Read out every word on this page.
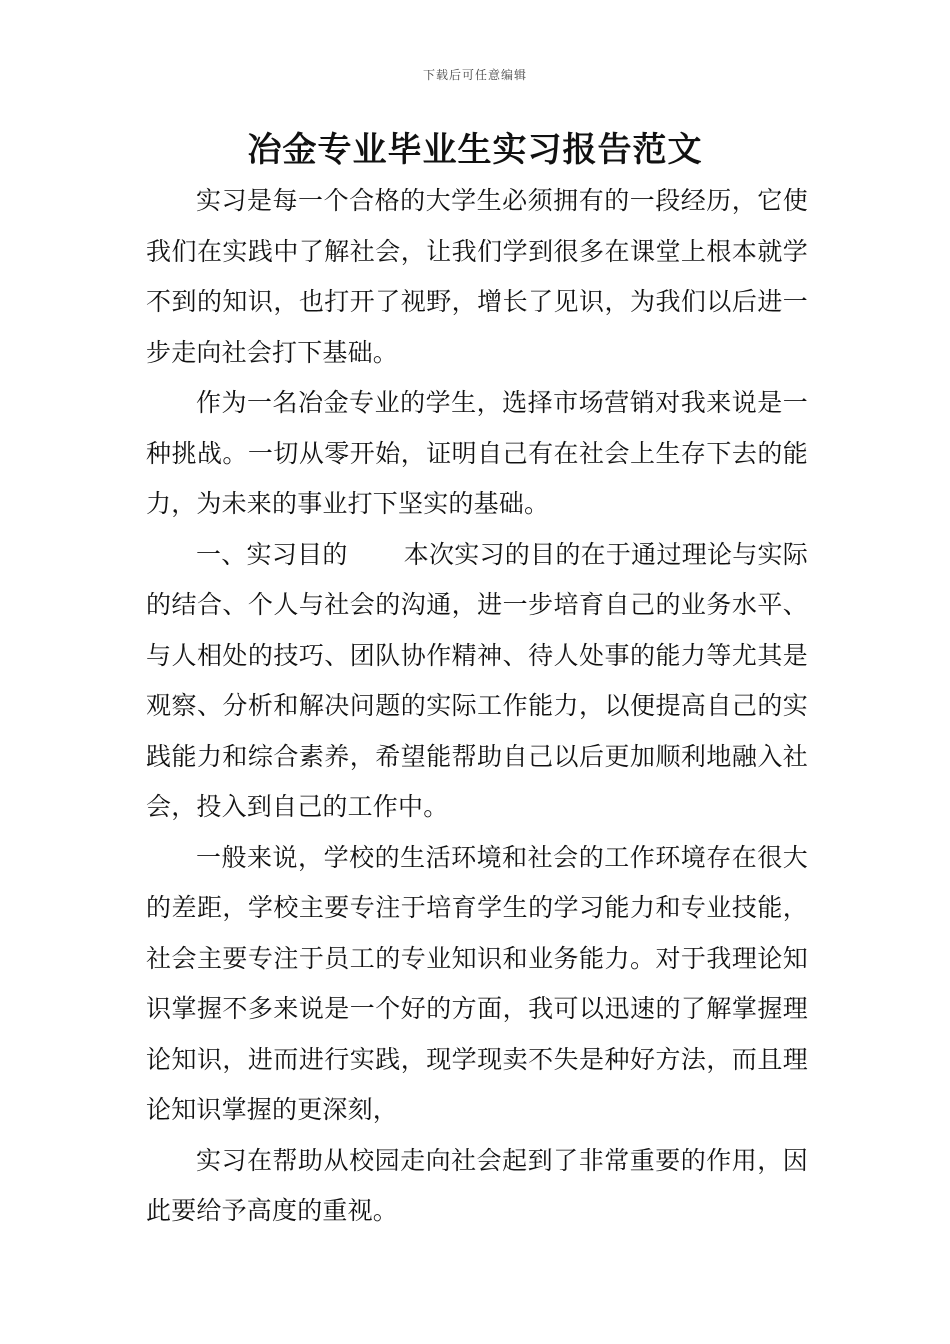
下载后可任意编辑
冶金专业毕业生实习报告范文

实习是每一个合格的大学生必须拥有的一段经历，它使我们在实践中了解社会，让我们学到很多在课堂上根本就学不到的知识，也打开了视野，增长了见识，为我们以后进一步走向社会打下基础。

作为一名冶金专业的学生，选择市场营销对我来说是一种挑战。一切从零开始，证明自己有在社会上生存下去的能力，为未来的事业打下坚实的基础。

一、实习目的 本次实习的目的在于通过理论与实际的结合、个人与社会的沟通，进一步培育自己的业务水平、与人相处的技巧、团队协作精神、待人处事的能力等尤其是观察、分析和解决问题的实际工作能力，以便提高自己的实践能力和综合素养，希望能帮助自己以后更加顺利地融入社会，投入到自己的工作中。

一般来说，学校的生活环境和社会的工作环境存在很大的差距，学校主要专注于培育学生的学习能力和专业技能，社会主要专注于员工的专业知识和业务能力。对于我理论知识掌握不多来说是一个好的方面，我可以迅速的了解掌握理论知识，进而进行实践，现学现卖不失是种好方法，而且理论知识掌握的更深刻，

实习在帮助从校园走向社会起到了非常重要的作用，因此要给予高度的重视。
